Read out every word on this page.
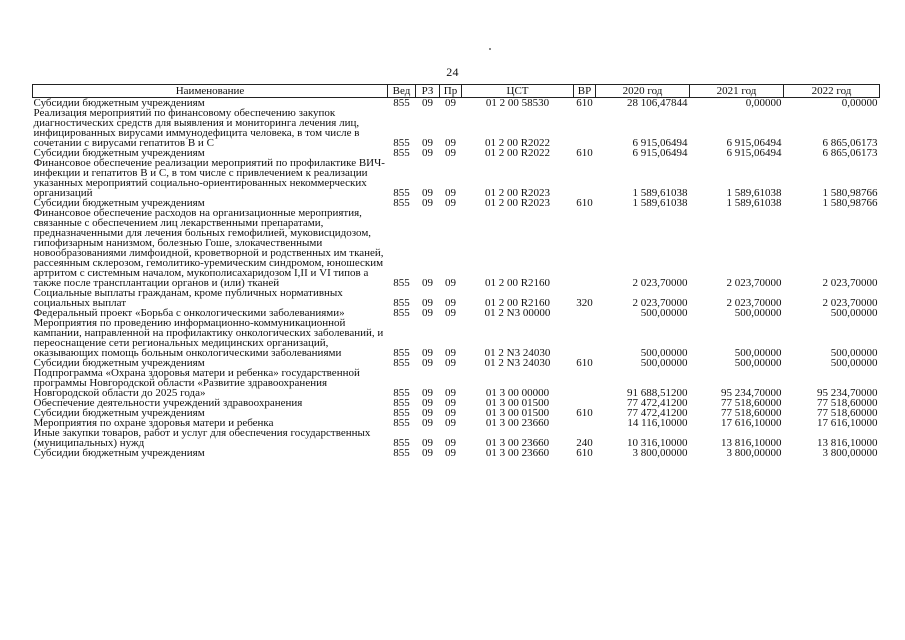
24
Наименование	Вед	РЗ	Пр	ЦСТ	ВР	2020 год	2021 год	2022 год
Субсидии бюджетным учреждениям	855	09	09	01 2 00 58530	610	28 106,47844	0,00000	0,00000
Реализация мероприятий по финансовому обеспечению закупок диагностических средств для выявления и мониторинга лечения лиц, инфицированных вирусами иммунодефицита человека, в том числе в сочетании с вирусами гепатитов В и С	855	09	09	01 2 00 R2022		6 915,06494	6 915,06494	6 865,06173
Субсидии бюджетным учреждениям	855	09	09	01 2 00 R2022	610	6 915,06494	6 915,06494	6 865,06173
Финансовое обеспечение реализации мероприятий по профилактике ВИЧ-инфекции и гепатитов В и С, в том числе с привлечением к реализации указанных мероприятий социально-ориентированных некоммерческих организаций	855	09	09	01 2 00 R2023		1 589,61038	1 589,61038	1 580,98766
Субсидии бюджетным учреждениям	855	09	09	01 2 00 R2023	610	1 589,61038	1 589,61038	1 580,98766
Финансовое обеспечение расходов на организационные мероприятия, связанные с обеспечением лиц лекарственными препаратами, предназначенными для лечения больных гемофилией, муковисцидозом, гипофизарным нанизмом, болезнью Гоше, злокачественными новообразованиями лимфоидной, кроветворной и родственных им тканей, рассеянным склерозом, гемолитико-уремическим синдромом, юношеским артритом с системным началом, мукополисахаридозом I,II и VI типов а также после трансплантации органов и (или) тканей	855	09	09	01 2 00 R2160		2 023,70000	2 023,70000	2 023,70000
Социальные выплаты гражданам, кроме публичных нормативных социальных выплат	855	09	09	01 2 00 R2160	320	2 023,70000	2 023,70000	2 023,70000
Федеральный проект «Борьба с онкологическими заболеваниями»	855	09	09	01 2 N3 00000		500,00000	500,00000	500,00000
Мероприятия по проведению информационно-коммуникационной кампании, направленной на профилактику онкологических заболеваний, и переоснащение сети региональных медицинских организаций, оказывающих помощь больным онкологическими заболеваниями	855	09	09	01 2 N3 24030		500,00000	500,00000	500,00000
Субсидии бюджетным учреждениям	855	09	09	01 2 N3 24030	610	500,00000	500,00000	500,00000
Подпрограмма «Охрана здоровья матери и ребенка» государственной программы Новгородской области «Развитие здравоохранения Новгородской области до 2025 года»	855	09	09	01 3 00 00000		91 688,51200	95 234,70000	95 234,70000
Обеспечение деятельности учреждений здравоохранения	855	09	09	01 3 00 01500		77 472,41200	77 518,60000	77 518,60000
Субсидии бюджетным учреждениям	855	09	09	01 3 00 01500	610	77 472,41200	77 518,60000	77 518,60000
Мероприятия по охране здоровья матери и ребенка	855	09	09	01 3 00 23660		14 116,10000	17 616,10000	17 616,10000
Иные закупки товаров, работ и услуг для обеспечения государственных (муниципальных) нужд	855	09	09	01 3 00 23660	240	10 316,10000	13 816,10000	13 816,10000
Субсидии бюджетным учреждениям	855	09	09	01 3 00 23660	610	3 800,00000	3 800,00000	3 800,00000
